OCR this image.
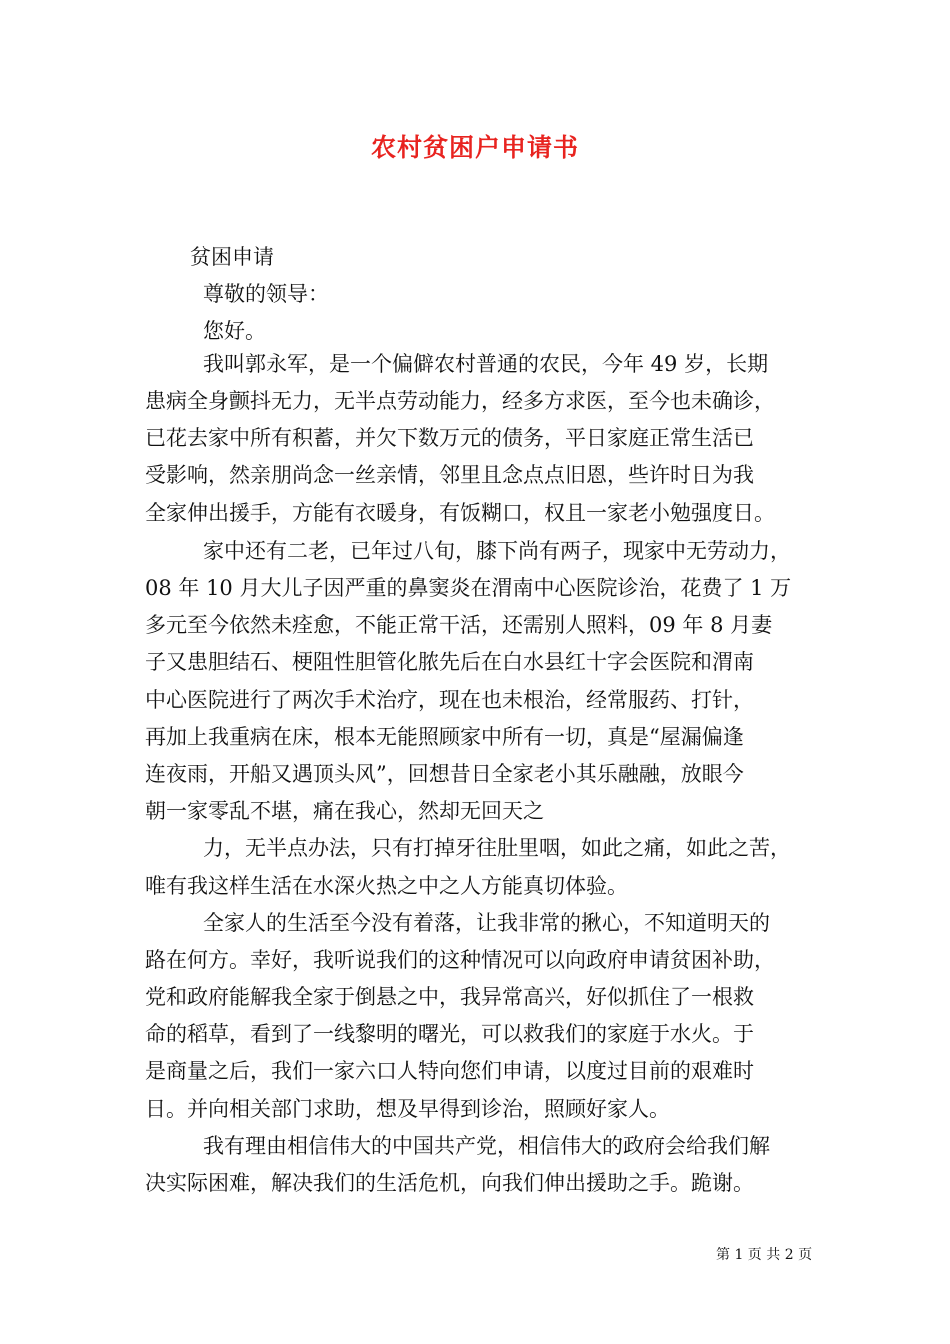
农村贫困户申请书
贫困申请
尊敬的领导：
您好。
我叫郭永军，是一个偏僻农村普通的农民，今年 49 岁，长期
患病全身颤抖无力，无半点劳动能力，经多方求医，至今也未确诊，
已花去家中所有积蓄，并欠下数万元的债务，平日家庭正常生活已
受影响，然亲朋尚念一丝亲情，邻里且念点点旧恩，些许时日为我
全家伸出援手，方能有衣暖身，有饭糊口，权且一家老小勉强度日。
家中还有二老，已年过八旬，膝下尚有两子，现家中无劳动力，
08 年 10 月大儿子因严重的鼻窦炎在渭南中心医院诊治，花费了 1 万
多元至今依然未痊愈，不能正常干活，还需别人照料，09 年 8 月妻
子又患胆结石、梗阻性胆管化脓先后在白水县红十字会医院和渭南
中心医院进行了两次手术治疗，现在也未根治，经常服药、打针，
再加上我重病在床，根本无能照顾家中所有一切，真是“屋漏偏逢
连夜雨，开船又遇顶头风”，回想昔日全家老小其乐融融，放眼今
朝一家零乱不堪，痛在我心，然却无回天之
力，无半点办法，只有打掉牙往肚里咽，如此之痛，如此之苦，
唯有我这样生活在水深火热之中之人方能真切体验。
全家人的生活至今没有着落，让我非常的揪心，不知道明天的
路在何方。幸好，我听说我们的这种情况可以向政府申请贫困补助，
党和政府能解我全家于倒悬之中，我异常高兴，好似抓住了一根救
命的稻草，看到了一线黎明的曙光，可以救我们的家庭于水火。于
是商量之后，我们一家六口人特向您们申请，以度过目前的艰难时
日。并向相关部门求助，想及早得到诊治，照顾好家人。
我有理由相信伟大的中国共产党，相信伟大的政府会给我们解
决实际困难，解决我们的生活危机，向我们伸出援助之手。跪谢。
第 1 页 共 2 页
